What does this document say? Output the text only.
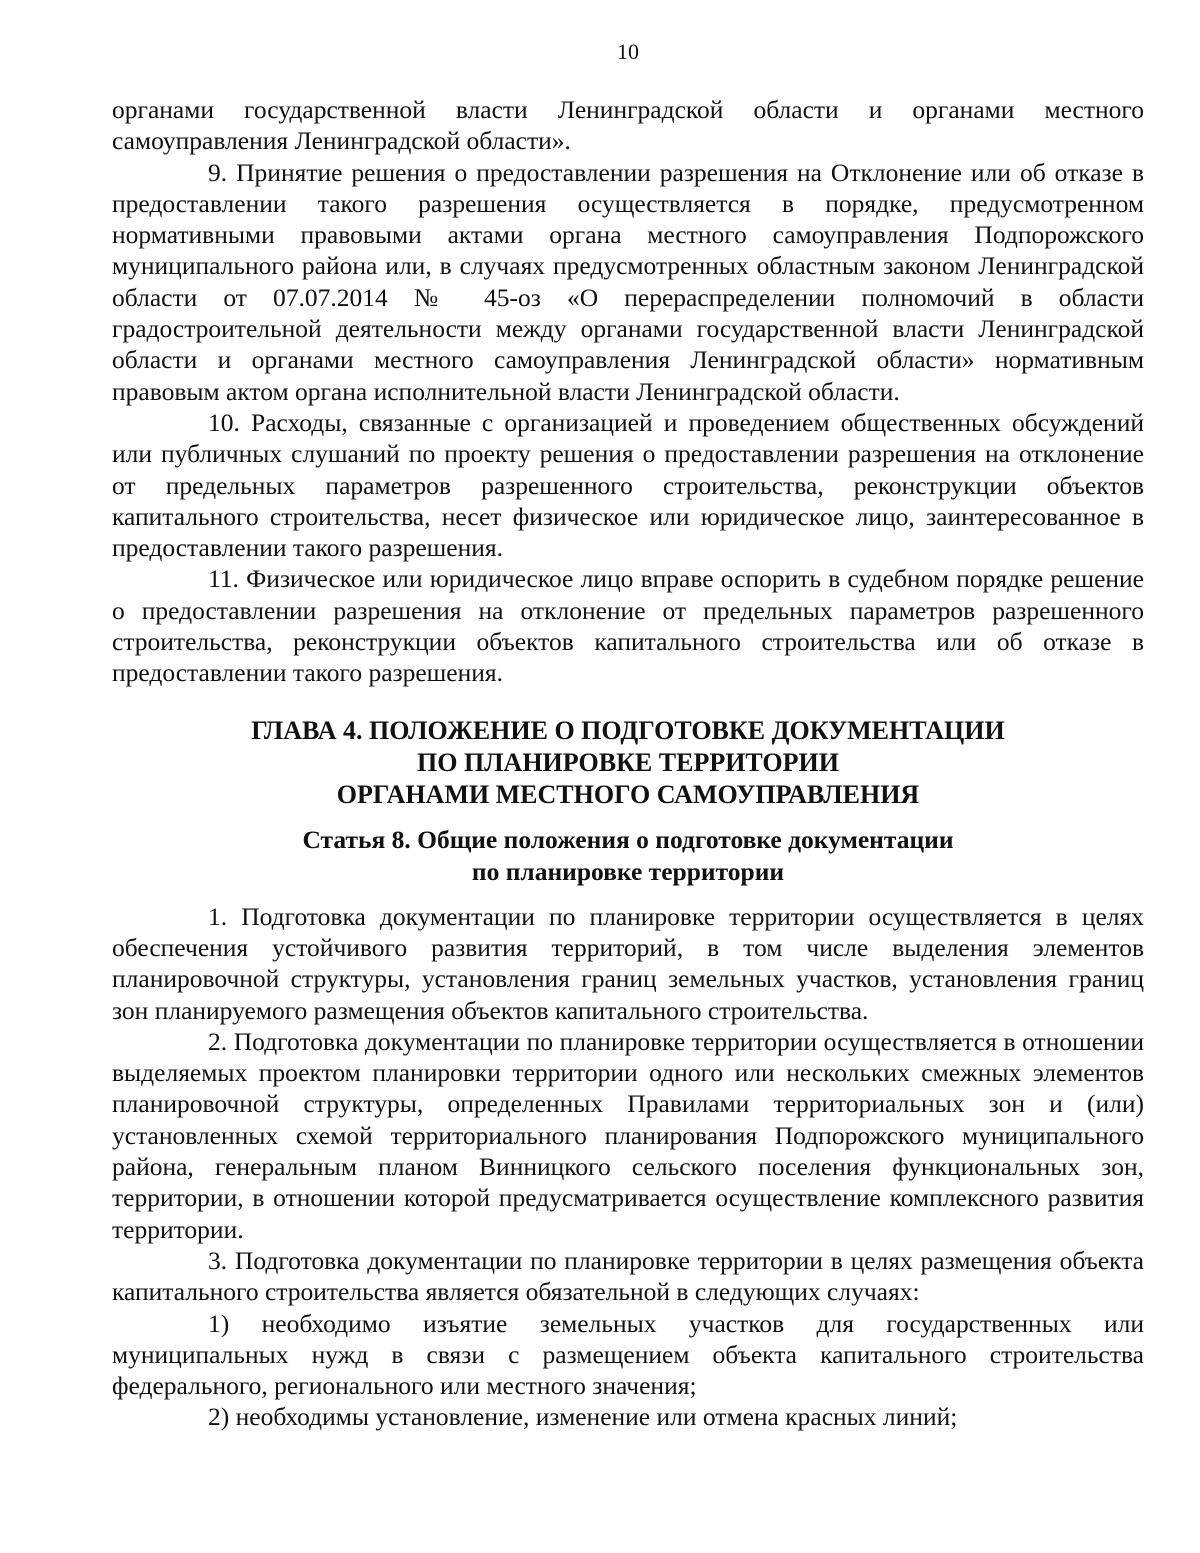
10

органами государственной власти Ленинградской области и органами местного самоуправления Ленинградской области».

9. Принятие решения о предоставлении разрешения на Отклонение или об отказе в предоставлении такого разрешения осуществляется в порядке, предусмотренном нормативными правовыми актами органа местного самоуправления Подпорожского муниципального района или, в случаях предусмотренных областным законом Ленинградской области от 07.07.2014 № 45-оз «О перераспределении полномочий в области градостроительной деятельности между органами государственной власти Ленинградской области и органами местного самоуправления Ленинградской области» нормативным правовым актом органа исполнительной власти Ленинградской области.

10. Расходы, связанные с организацией и проведением общественных обсуждений или публичных слушаний по проекту решения о предоставлении разрешения на отклонение от предельных параметров разрешенного строительства, реконструкции объектов капитального строительства, несет физическое или юридическое лицо, заинтересованное в предоставлении такого разрешения.

11. Физическое или юридическое лицо вправе оспорить в судебном порядке решение о предоставлении разрешения на отклонение от предельных параметров разрешенного строительства, реконструкции объектов капитального строительства или об отказе в предоставлении такого разрешения.

ГЛАВА 4. ПОЛОЖЕНИЕ О ПОДГОТОВКЕ ДОКУМЕНТАЦИИ
ПО ПЛАНИРОВКЕ ТЕРРИТОРИИ
ОРГАНАМИ МЕСТНОГО САМОУПРАВЛЕНИЯ
Статья 8. Общие положения о подготовке документации
по планировке территории

1. Подготовка документации по планировке территории осуществляется в целях обеспечения устойчивого развития территорий, в том числе выделения элементов планировочной структуры, установления границ земельных участков, установления границ зон планируемого размещения объектов капитального строительства.

2. Подготовка документации по планировке территории осуществляется в отношении выделяемых проектом планировки территории одного или нескольких смежных элементов планировочной структуры, определенных Правилами территориальных зон и (или) установленных схемой территориального планирования Подпорожского муниципального района, генеральным планом Винницкого сельского поселения функциональных зон, территории, в отношении которой предусматривается осуществление комплексного развития территории.

3. Подготовка документации по планировке территории в целях размещения объекта капитального строительства является обязательной в следующих случаях:

1) необходимо изъятие земельных участков для государственных или муниципальных нужд в связи с размещением объекта капитального строительства федерального, регионального или местного значения;

2) необходимы установление, изменение или отмена красных линий;
